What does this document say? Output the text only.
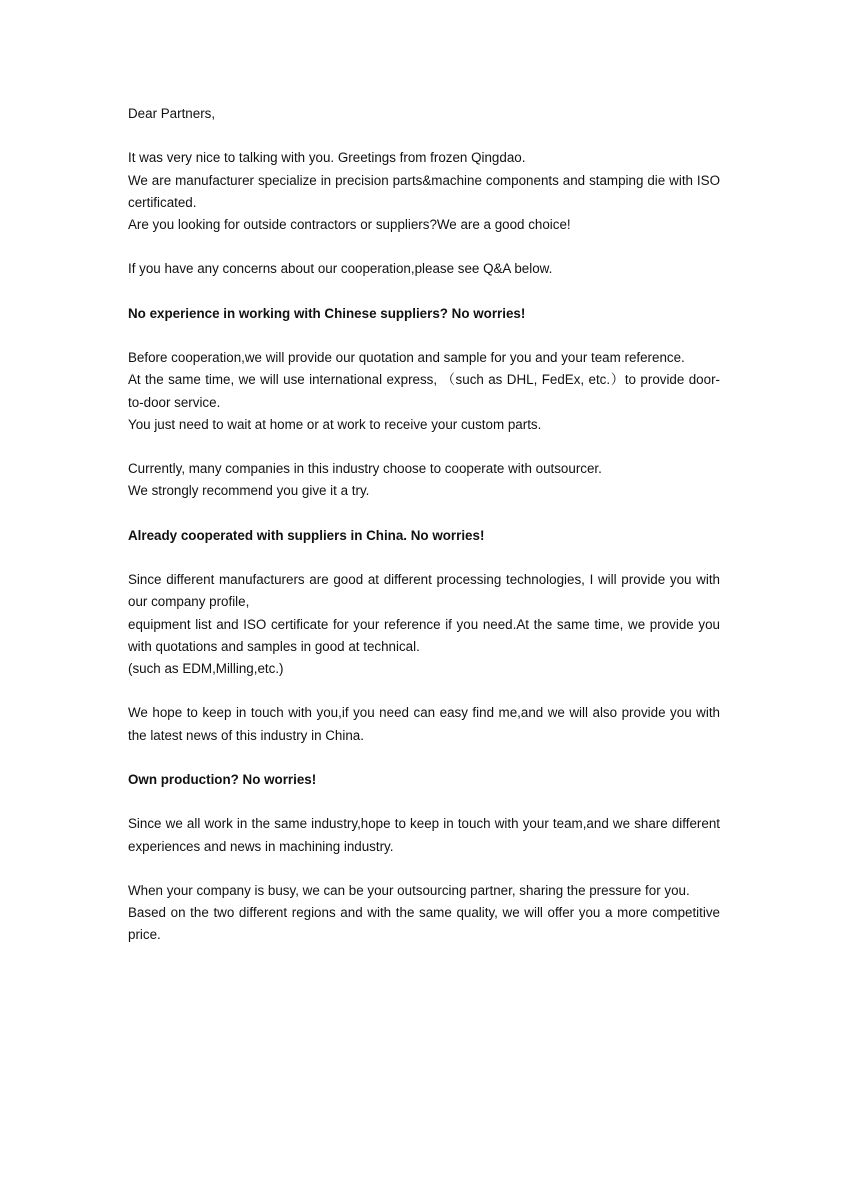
Dear Partners,

It was very nice to talking with you. Greetings from frozen Qingdao.

We are manufacturer specialize in precision parts&machine components and stamping die with ISO certificated.

Are you looking for outside contractors or suppliers?We are a good choice!

If you have any concerns about our cooperation,please see Q&A below.

No experience in working with Chinese suppliers? No worries!

Before cooperation,we will provide our quotation and sample for you and your team reference.

At the same time, we will use international express, （such as DHL, FedEx, etc.）to provide door-to-door service.

You just need to wait at home or at work to receive your custom parts.

Currently, many companies in this industry choose to cooperate with outsourcer.

We strongly recommend you give it a try.

Already cooperated with suppliers in China. No worries!

Since different manufacturers are good at different processing technologies, I will provide you with our company profile,

equipment list and ISO certificate for your reference if you need.At the same time, we provide you with quotations and samples in good at technical.

(such as EDM,Milling,etc.)

We hope to keep in touch with you,if you need can easy find me,and we will also provide you with the latest news of this industry in China.

Own production? No worries!

Since we all work in the same industry,hope to keep in touch with your team,and we share different experiences and news in machining industry.

When your company is busy, we can be your outsourcing partner, sharing the pressure for you.

Based on the two different regions and with the same quality, we will offer you a more competitive price.
